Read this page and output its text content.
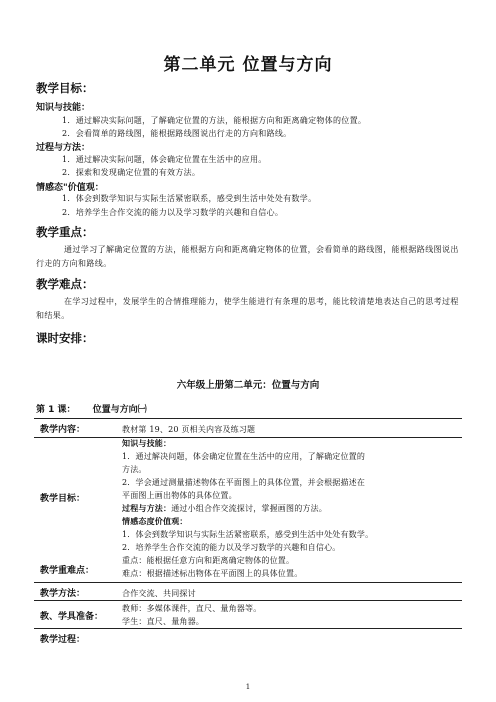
第二单元 位置与方向
教学目标：
知识与技能：
1．通过解决实际问题，了解确定位置的方法，能根据方向和距离确定物体的位置。
2．会看简单的路线图，能根据路线图说出行走的方向和路线。
过程与方法：
1．通过解决实际问题，体会确定位置在生活中的应用。
2．探索和发现确定位置的有效方法。
情感态"价值观：
1．体会到数学知识与实际生活紧密联系，感受到生活中处处有数学。
2．培养学生合作交流的能力以及学习数学的兴趣和自信心。
教学重点：
通过学习了解确定位置的方法，能根据方向和距离确定物体的位置，会看简单的路线图，能根据路线图说出行走的方向和路线。
教学难点：
在学习过程中，发展学生的合情推理能力，使学生能进行有条理的思考，能比较清楚地表达自己的思考过程和结果。
课时安排：
六年级上册第二单元：位置与方向
第 1 课： 位置与方向㈠
教学内容：	教材第 19、20 页相关内容及练习题
知识与技能：
1．通过解决问题，体会确定位置在生活中的应用，了解确定位置的
方法。
2．学会通过测量描述物体在平面图上的具体位置，并会根据描述在
平面图上画出物体的具体位置。
过程与方法：通过小组合作交流探讨，掌握画图的方法。
情感态度价值观：
1．体会到数学知识与实际生活紧密联系，感受到生活中处处有数学。
2．培养学生合作交流的能力以及学习数学的兴趣和自信心。
教学目标：
教学重难点：
重点：能根据任意方向和距离确定物体的位置。
难点：根据描述标出物体在平面图上的具体位置。
教学方法：	合作交流、共同探讨
教、学具准备：
教师：多媒体课件，直尺、量角器等。
学生：直尺、量角器。
教学过程：
1
